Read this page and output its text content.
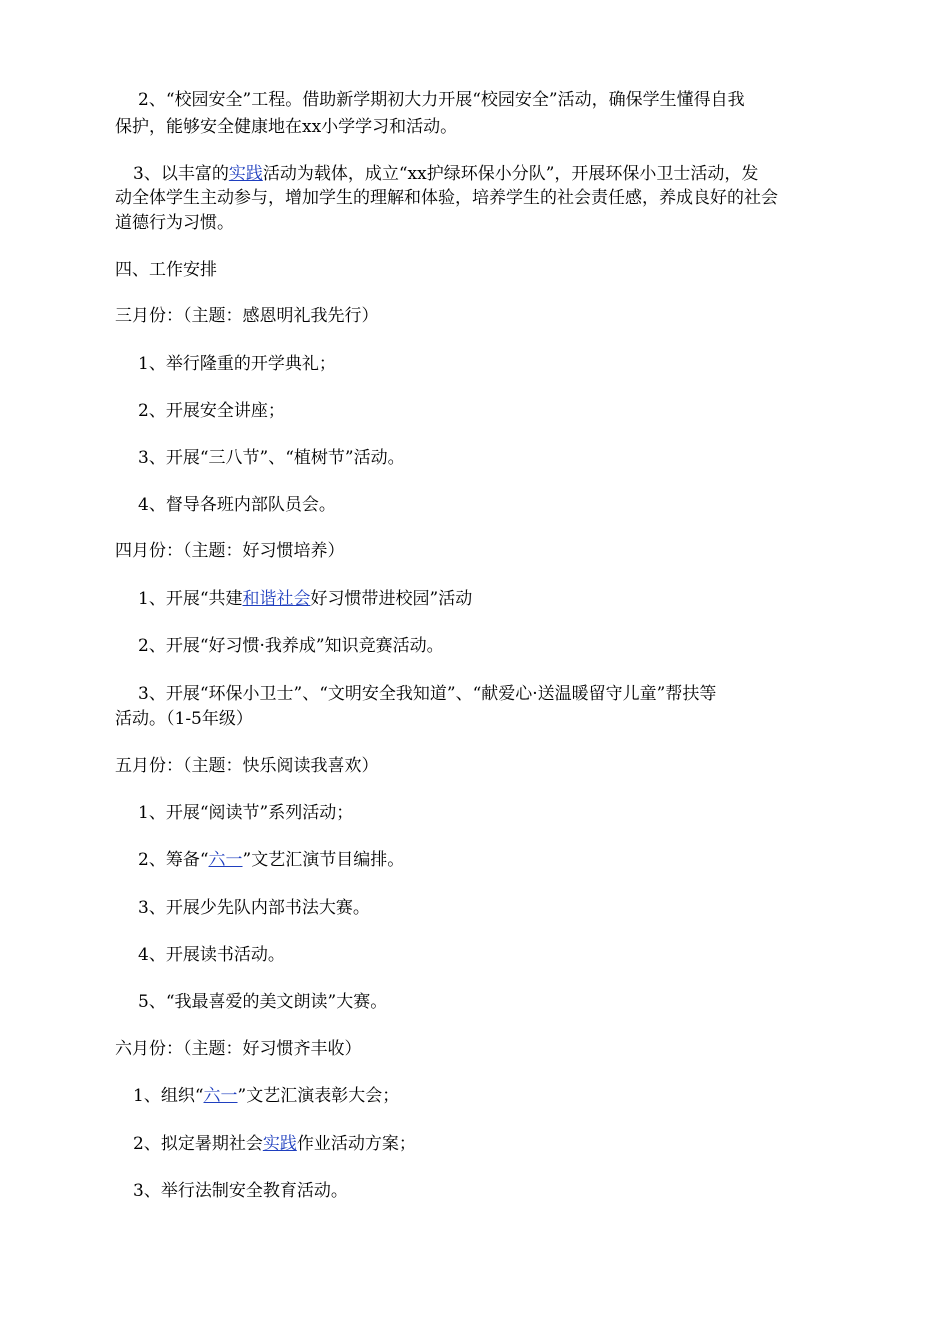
2、“校园安全”工程。借助新学期初大力开展“校园安全”活动，确保学生懂得自我

保护，能够安全健康地在xx小学学习和活动。

3、以丰富的实践活动为载体，成立“xx护绿环保小分队”，开展环保小卫士活动，发

动全体学生主动参与，增加学生的理解和体验，培养学生的社会责任感，养成良好的社会

道德行为习惯。

四、工作安排

三月份：（主题：感恩明礼我先行）

1、举行隆重的开学典礼；

2、开展安全讲座；

3、开展“三八节”、“植树节”活动。

4、督导各班内部队员会。

四月份：（主题：好习惯培养）

1、开展“共建和谐社会好习惯带进校园”活动

2、开展“好习惯·我养成”知识竞赛活动。

3、开展“环保小卫士”、“文明安全我知道”、“献爱心·送温暖留守儿童”帮扶等

活动。（1-5年级）

五月份：（主题：快乐阅读我喜欢）

1、开展“阅读节”系列活动；

2、筹备“六一”文艺汇演节目编排。

3、开展少先队内部书法大赛。

4、开展读书活动。

5、“我最喜爱的美文朗读”大赛。

六月份：（主题：好习惯齐丰收）

1、组织“六一”文艺汇演表彰大会；

2、拟定暑期社会实践作业活动方案；

3、举行法制安全教育活动。
